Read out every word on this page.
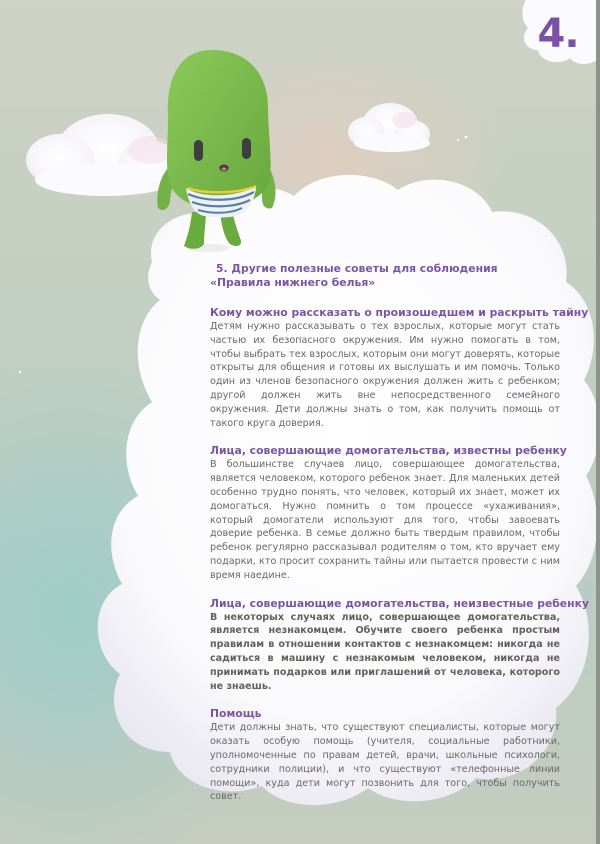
4.
5. Другие полезные советы для соблюдения
«Правила нижнего белья»
Кому можно рассказать о произошедшем и раскрыть тайну

Детям нужно рассказывать о тех взрослых, которые могут стать частью их безопасного окружения. Им нужно помогать в том, чтобы выбрать тех взрослых, которым они могут доверять, которые открыты для общения и готовы их выслушать и им помочь. Только один из членов безопасного окружения должен жить с ребенком; другой должен жить вне непосредственного семейного окружения. Дети должны знать о том, как получить помощь от такого круга доверия.

Лица, совершающие домогательства, известны ребенку

В большинстве случаев лицо, совершающее домогательства, является человеком, которого ребенок знает. Для маленьких детей особенно трудно понять, что человек, который их знает, может их домогаться. Нужно помнить о том процессе «ухаживания», который домогатели используют для того, чтобы завоевать доверие ребенка. В семье должно быть твердым правилом, чтобы ребенок регулярно рассказывал родителям о том, кто вручает ему подарки, кто просит сохранить тайны или пытается провести с ним время наедине.

Лица, совершающие домогательства, неизвестные ребенку

В некоторых случаях лицо, совершающее домогательства, является незнакомцем. Обучите своего ребенка простым правилам в отношении контактов с незнакомцем: никогда не садиться в машину с незнакомым человеком, никогда не принимать подарков или приглашений от человека, которого не знаешь.

Помощь

Дети должны знать, что существуют специалисты, которые могут оказать особую помощь (учителя, социальные работники, уполномоченные по правам детей, врачи, школьные психологи, сотрудники полиции), и что существуют «телефонные линии помощи», куда дети могут позвонить для того, чтобы получить совет.
